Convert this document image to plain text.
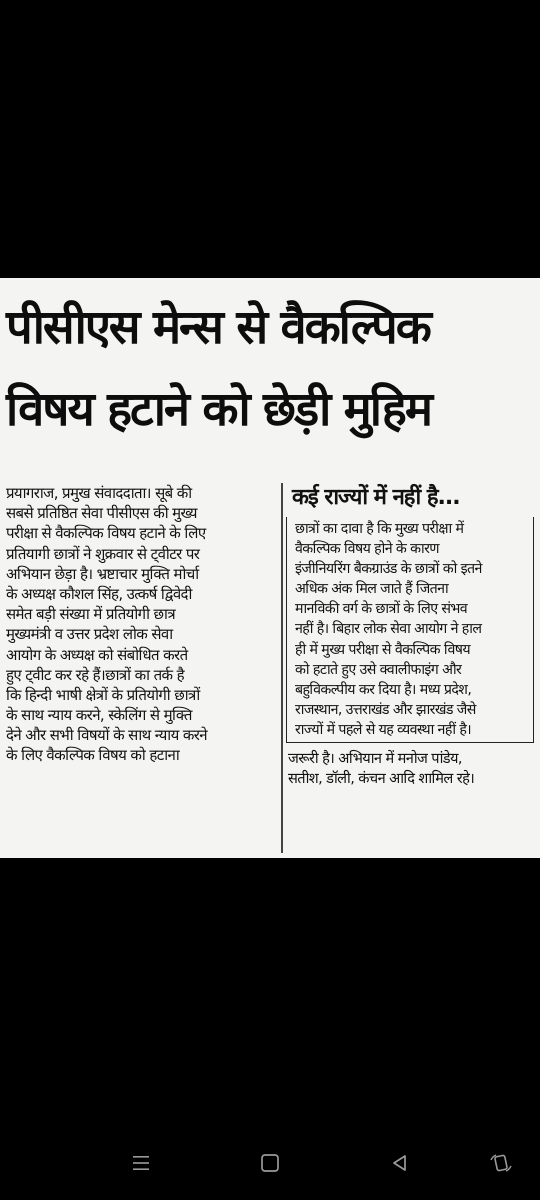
पीसीएस मेन्स से वैकल्पिक
विषय हटाने को छेड़ी मुहिम
प्रयागराज, प्रमुख संवाददाता। सूबे की
सबसे प्रतिष्ठित सेवा पीसीएस की मुख्य
परीक्षा से वैकल्पिक विषय हटाने के लिए
प्रतियागी छात्रों ने शुक्रवार से ट्वीटर पर
अभियान छेड़ा है। भ्रष्टाचार मुक्ति मोर्चा
के अध्यक्ष कौशल सिंह, उत्कर्ष द्विवेदी
समेत बड़ी संख्या में प्रतियोगी छात्र
मुख्यमंत्री व उत्तर प्रदेश लोक सेवा
आयोग के अध्यक्ष को संबोधित करते
हुए ट्वीट कर रहे हैं।छात्रों का तर्क है
कि हिन्दी भाषी क्षेत्रों के प्रतियोगी छात्रों
के साथ न्याय करने, स्केलिंग से मुक्ति
देने और सभी विषयों के साथ न्याय करने
के लिए वैकल्पिक विषय को हटाना
कई राज्यों में नहीं है...
छात्रों का दावा है कि मुख्य परीक्षा में
वैकल्पिक विषय होने के कारण
इंजीनियरिंग बैकग्राउंड के छात्रों को इतने
अधिक अंक मिल जाते हैं जितना
मानविकी वर्ग के छात्रों के लिए संभव
नहीं है। बिहार लोक सेवा आयोग ने हाल
ही में मुख्य परीक्षा से वैकल्पिक विषय
को हटाते हुए उसे क्वालीफाइंग और
बहुविकल्पीय कर दिया है। मध्य प्रदेश,
राजस्थान, उत्तराखंड और झारखंड जैसे
राज्यों में पहले से यह व्यवस्था नहीं है।
जरूरी है। अभियान में मनोज पांडेय,
सतीश, डॉली, कंचन आदि शामिल रहे।
